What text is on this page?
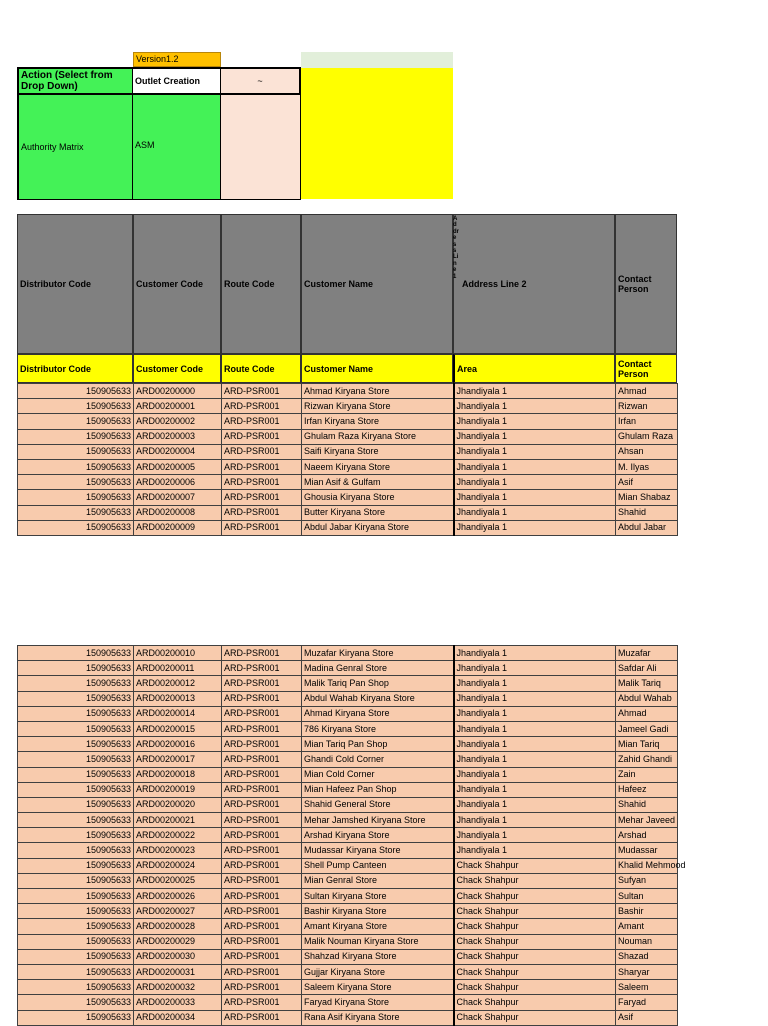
Version1.2
Action (Select from Drop Down)	Outlet Creation	~
Authority Matrix	ASM
Distributor Code	Customer Code	Route Code	Customer Name	Address Line 2	Contact Person
AddressLine1
Distributor Code	Customer Code	Route Code	Customer Name	Area	Contact Person
150905633	ARD00200000	ARD-PSR001	Ahmad Kiryana Store	Jhandiyala 1	Ahmad
150905633	ARD00200001	ARD-PSR001	Rizwan Kiryana Store	Jhandiyala 1	Rizwan
150905633	ARD00200002	ARD-PSR001	Irfan Kiryana Store	Jhandiyala 1	Irfan
150905633	ARD00200003	ARD-PSR001	Ghulam Raza Kiryana Store	Jhandiyala 1	Ghulam Raza
150905633	ARD00200004	ARD-PSR001	Saifi Kiryana Store	Jhandiyala 1	Ahsan
150905633	ARD00200005	ARD-PSR001	Naeem Kiryana Store	Jhandiyala 1	M. Ilyas
150905633	ARD00200006	ARD-PSR001	Mian Asif & Gulfam	Jhandiyala 1	Asif
150905633	ARD00200007	ARD-PSR001	Ghousia Kiryana Store	Jhandiyala 1	Mian Shabaz
150905633	ARD00200008	ARD-PSR001	Butter Kiryana Store	Jhandiyala 1	Shahid
150905633	ARD00200009	ARD-PSR001	Abdul Jabar Kiryana Store	Jhandiyala 1	Abdul Jabar
150905633	ARD00200010	ARD-PSR001	Muzafar Kiryana Store	Jhandiyala 1	Muzafar
150905633	ARD00200011	ARD-PSR001	Madina Genral Store	Jhandiyala 1	Safdar Ali
150905633	ARD00200012	ARD-PSR001	Malik Tariq Pan Shop	Jhandiyala 1	Malik Tariq
150905633	ARD00200013	ARD-PSR001	Abdul Wahab Kiryana Store	Jhandiyala 1	Abdul Wahab
150905633	ARD00200014	ARD-PSR001	Ahmad Kiryana Store	Jhandiyala 1	Ahmad
150905633	ARD00200015	ARD-PSR001	786 Kiryana Store	Jhandiyala 1	Jameel Gadi
150905633	ARD00200016	ARD-PSR001	Mian Tariq Pan Shop	Jhandiyala 1	Mian Tariq
150905633	ARD00200017	ARD-PSR001	Ghandi Cold Corner	Jhandiyala 1	Zahid Ghandi
150905633	ARD00200018	ARD-PSR001	Mian Cold Corner	Jhandiyala 1	Zain
150905633	ARD00200019	ARD-PSR001	Mian Hafeez Pan Shop	Jhandiyala 1	Hafeez
150905633	ARD00200020	ARD-PSR001	Shahid General Store	Jhandiyala 1	Shahid
150905633	ARD00200021	ARD-PSR001	Mehar Jamshed Kiryana Store	Jhandiyala 1	Mehar Javeed
150905633	ARD00200022	ARD-PSR001	Arshad Kiryana Store	Jhandiyala 1	Arshad
150905633	ARD00200023	ARD-PSR001	Mudassar Kiryana Store	Jhandiyala 1	Mudassar
150905633	ARD00200024	ARD-PSR001	Shell Pump Canteen	Chack Shahpur	Khalid Mehmood
150905633	ARD00200025	ARD-PSR001	Mian Genral Store	Chack Shahpur	Sufyan
150905633	ARD00200026	ARD-PSR001	Sultan Kiryana Store	Chack Shahpur	Sultan
150905633	ARD00200027	ARD-PSR001	Bashir Kiryana Store	Chack Shahpur	Bashir
150905633	ARD00200028	ARD-PSR001	Amant Kiryana Store	Chack Shahpur	Amant
150905633	ARD00200029	ARD-PSR001	Malik Nouman Kiryana Store	Chack Shahpur	Nouman
150905633	ARD00200030	ARD-PSR001	Shahzad Kiryana Store	Chack Shahpur	Shazad
150905633	ARD00200031	ARD-PSR001	Gujjar Kiryana Store	Chack Shahpur	Sharyar
150905633	ARD00200032	ARD-PSR001	Saleem Kiryana Store	Chack Shahpur	Saleem
150905633	ARD00200033	ARD-PSR001	Faryad Kiryana Store	Chack Shahpur	Faryad
150905633	ARD00200034	ARD-PSR001	Rana Asif Kiryana Store	Chack Shahpur	Asif
